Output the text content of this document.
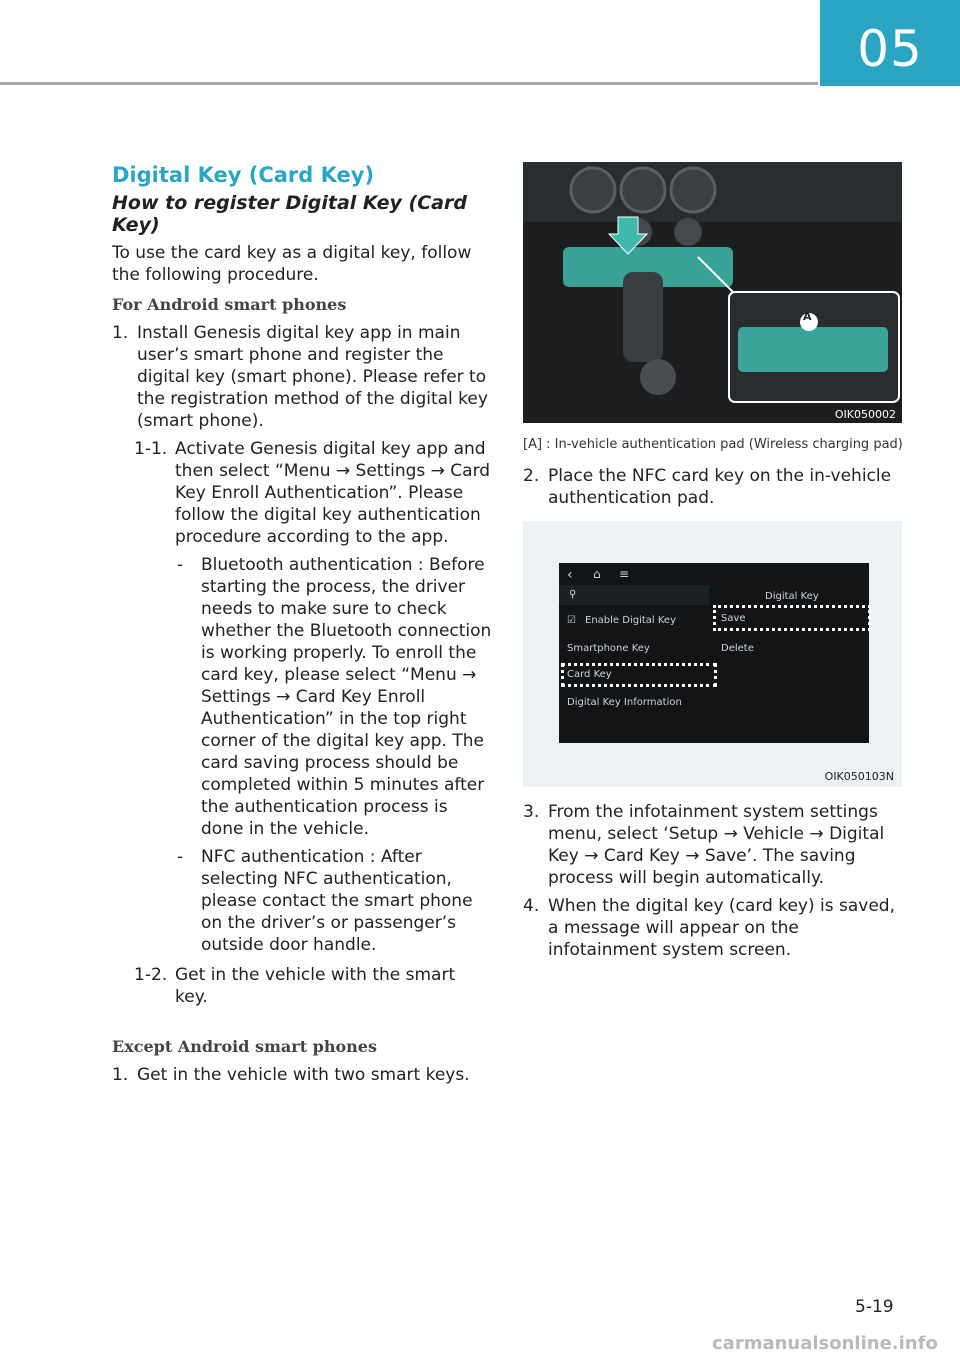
05
Digital Key (Card Key)
How to register Digital Key (Card Key)

To use the card key as a digital key, follow the following procedure.

For Android smart phones
1. Install Genesis digital key app in main user’s smart phone and register the digital key (smart phone). Please refer to the registration method of the digital key (smart phone).
1-1. Activate Genesis digital key app and then select “Menu → Settings → Card Key Enroll Authentication”. Please follow the digital key authentication procedure according to the app.
- Bluetooth authentication : Before starting the process, the driver needs to make sure to check whether the Bluetooth connection is working properly. To enroll the card key, please select “Menu → Settings → Card Key Enroll Authentication” in the top right corner of the digital key app. The card saving process should be completed within 5 minutes after the authentication process is done in the vehicle.
- NFC authentication : After selecting NFC authentication, please contact the smart phone on the driver’s or passenger’s outside door handle.
1-2. Get in the vehicle with the smart key.
Except Android smart phones
1. Get in the vehicle with two smart keys.
A
OIK050002
[A] : In-vehicle authentication pad (Wireless charging pad)
2. Place the NFC card key on the in-vehicle authentication pad.
‹ ⌂ ≡
⚲	Digital Key
☑ Enable Digital Key
Smartphone Key
Card Key
Digital Key Information
Save
Delete
OIK050103N
3. From the infotainment system settings menu, select ‘Setup → Vehicle → Digital Key → Card Key → Save’. The saving process will begin automatically.
4. When the digital key (card key) is saved, a message will appear on the infotainment system screen.
5-19
carmanualsonline.info
